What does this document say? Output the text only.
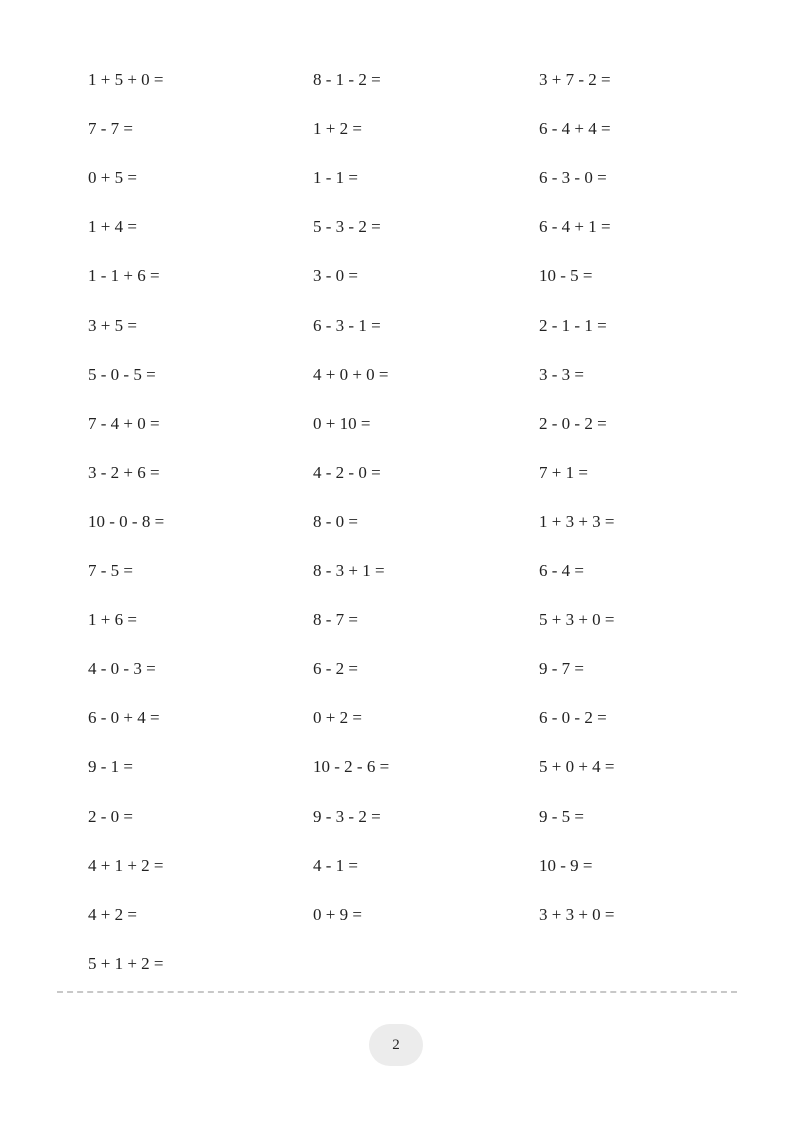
1 + 5 + 0 =
7 - 7 =
0 + 5 =
1 + 4 =
1 - 1 + 6 =
3 + 5 =
5 - 0 - 5 =
7 - 4 + 0 =
3 - 2 + 6 =
10 - 0 - 8 =
7 - 5 =
1 + 6 =
4 - 0 - 3 =
6 - 0 + 4 =
9 - 1 =
2 - 0 =
4 + 1 + 2 =
4 + 2 =
5 + 1 + 2 =
8 - 1 - 2 =
1 + 2 =
1 - 1 =
5 - 3 - 2 =
3 - 0 =
6 - 3 - 1 =
4 + 0 + 0 =
0 + 10 =
4 - 2 - 0 =
8 - 0 =
8 - 3 + 1 =
8 - 7 =
6 - 2 =
0 + 2 =
10 - 2 - 6 =
9 - 3 - 2 =
4 - 1 =
0 + 9 =
3 + 7 - 2 =
6 - 4 + 4 =
6 - 3 - 0 =
6 - 4 + 1 =
10 - 5 =
2 - 1 - 1 =
3 - 3 =
2 - 0 - 2 =
7 + 1 =
1 + 3 + 3 =
6 - 4 =
5 + 3 + 0 =
9 - 7 =
6 - 0 - 2 =
5 + 0 + 4 =
9 - 5 =
10 - 9 =
3 + 3 + 0 =
2
